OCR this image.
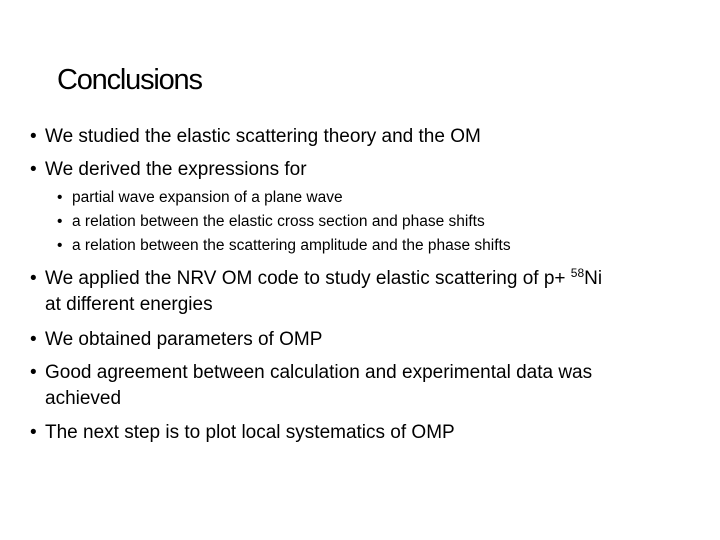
Conclusions
• We studied the elastic scattering theory and the OM
• We derived the expressions for
• partial wave expansion of a plane wave
• a relation between the elastic cross section and phase shifts
• a relation between the scattering amplitude and the phase shifts
• We applied the NRV OM code to study elastic scattering of p+ $^{58}$Ni
at different energies
• We obtained parameters of OMP
• Good agreement between calculation and experimental data was
achieved
• The next step is to plot local systematics of OMP
